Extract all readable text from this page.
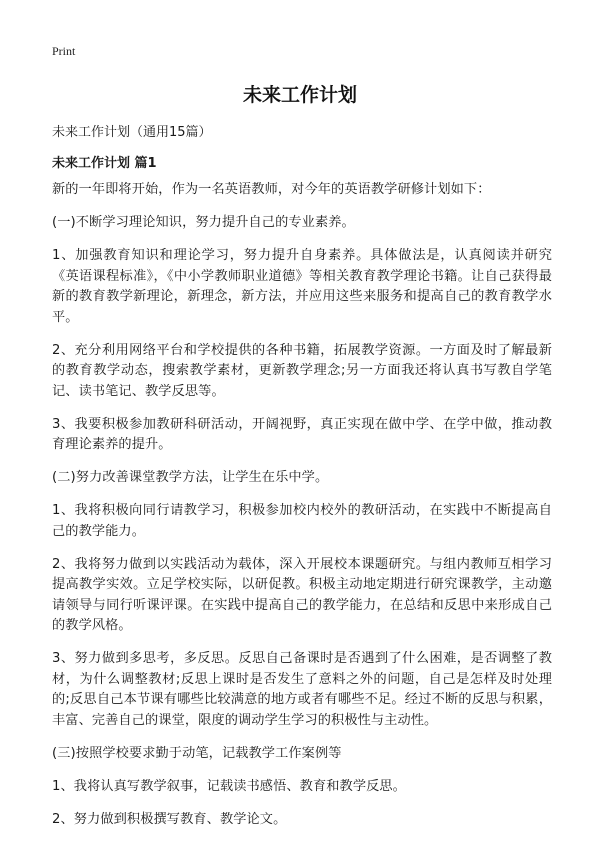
Print
未来工作计划
未来工作计划（通用15篇）
未来工作计划 篇1

新的一年即将开始，作为一名英语教师，对今年的英语教学研修计划如下：

(一)不断学习理论知识，努力提升自己的专业素养。

1、加强教育知识和理论学习，努力提升自身素养。具体做法是，认真阅读并研究《英语课程标准》，《中小学教师职业道德》等相关教育教学理论书籍。让自己获得最新的教育教学新理论，新理念，新方法，并应用这些来服务和提高自己的教育教学水平。

2、充分利用网络平台和学校提供的各种书籍，拓展教学资源。一方面及时了解最新的教育教学动态，搜索教学素材，更新教学理念;另一方面我还将认真书写教自学笔记、读书笔记、教学反思等。

3、我要积极参加教研科研活动，开阔视野，真正实现在做中学、在学中做，推动教育理论素养的提升。

(二)努力改善课堂教学方法，让学生在乐中学。

1、我将积极向同行请教学习，积极参加校内校外的教研活动，在实践中不断提高自己的教学能力。

2、我将努力做到以实践活动为载体，深入开展校本课题研究。与组内教师互相学习提高教学实效。立足学校实际，以研促教。积极主动地定期进行研究课教学，主动邀请领导与同行听课评课。在实践中提高自己的教学能力，在总结和反思中来形成自己的教学风格。

3、努力做到多思考，多反思。反思自己备课时是否遇到了什么困难，是否调整了教材，为什么调整教材;反思上课时是否发生了意料之外的问题，自己是怎样及时处理的;反思自己本节课有哪些比较满意的地方或者有哪些不足。经过不断的反思与积累，丰富、完善自己的课堂，限度的调动学生学习的积极性与主动性。

(三)按照学校要求勤于动笔，记载教学工作案例等

1、我将认真写教学叙事，记载读书感悟、教育和教学反思。

2、努力做到积极撰写教育、教学论文。
